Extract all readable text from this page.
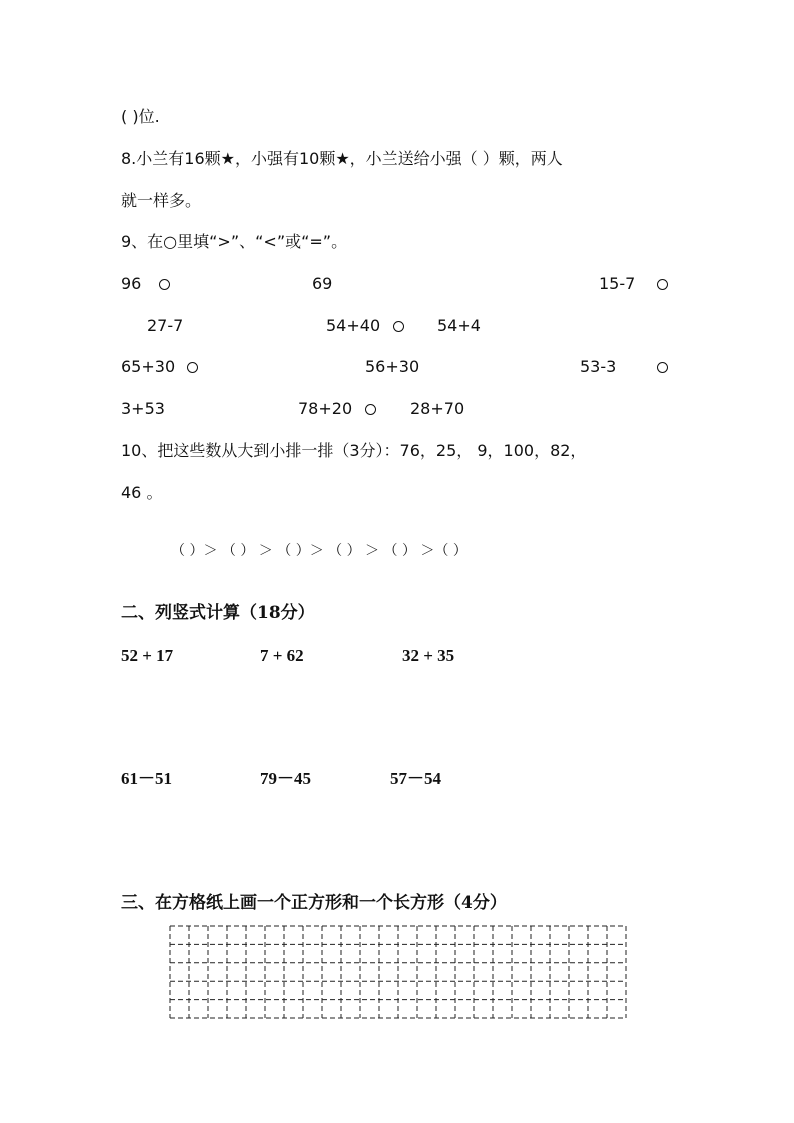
( )位.
8.小兰有16颗★，小强有10颗★，小兰送给小强（ ）颗，两人
就一样多。
9、在○里填“>”、“<”或“=”。
96	69	15-7
27-7	54+40	54+4
65+30	56+30	53-3
3+53	78+20	28+70
10、把这些数从大到小排一排（3分）：76，25， 9，100，82，
46 。
（ ）＞ （ ） ＞ （ ）＞ （ ） ＞ （ ） ＞（ ）
二、列竖式计算（18分）
52 + 17	7 + 62	32 + 35
61－51	79－45	57－54
三、在方格纸上画一个正方形和一个长方形（4分）
